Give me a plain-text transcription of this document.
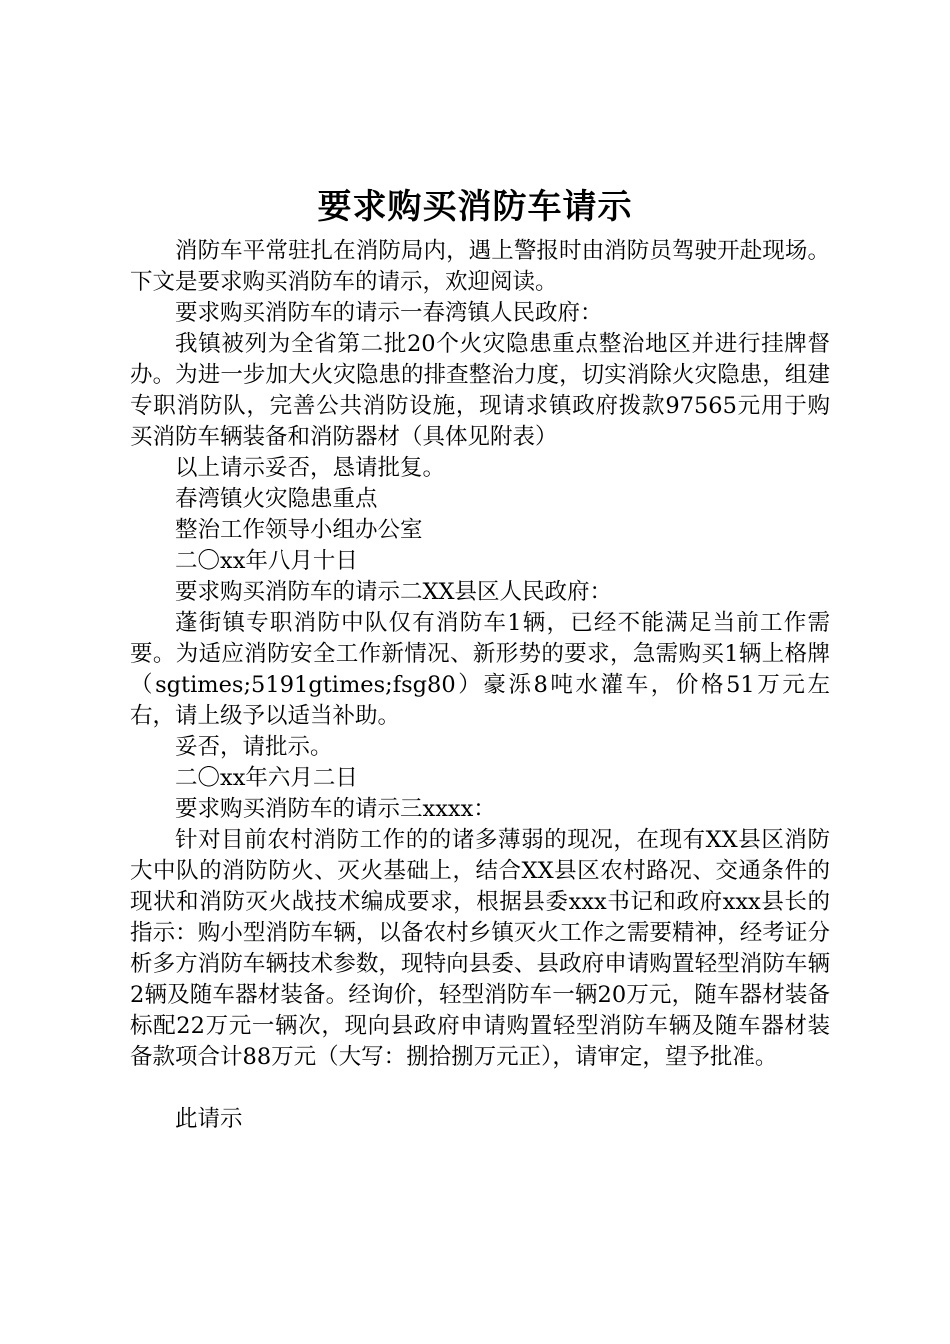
要求购买消防车请示

消防车平常驻扎在消防局内，遇上警报时由消防员驾驶开赴现场。下文是要求购买消防车的请示，欢迎阅读。

要求购买消防车的请示一春湾镇人民政府：

我镇被列为全省第二批20个火灾隐患重点整治地区并进行挂牌督办。为进一步加大火灾隐患的排查整治力度，切实消除火灾隐患，组建专职消防队，完善公共消防设施，现请求镇政府拨款97565元用于购买消防车辆装备和消防器材（具体见附表）

以上请示妥否，恳请批复。

春湾镇火灾隐患重点

整治工作领导小组办公室

二〇xx年八月十日

要求购买消防车的请示二XX县区人民政府：

蓬街镇专职消防中队仅有消防车1辆，已经不能满足当前工作需要。为适应消防安全工作新情况、新形势的要求，急需购买1辆上格牌（sgtimes;5191gtimes;fsg80）豪泺8吨水灌车，价格51万元左右，请上级予以适当补助。

妥否，请批示。

二〇xx年六月二日

要求购买消防车的请示三xxxx：

针对目前农村消防工作的的诸多薄弱的现况，在现有XX县区消防大中队的消防防火、灭火基础上，结合XX县区农村路况、交通条件的现状和消防灭火战技术编成要求，根据县委xxx书记和政府xxx县长的指示：购小型消防车辆，以备农村乡镇灭火工作之需要精神，经考证分析多方消防车辆技术参数，现特向县委、县政府申请购置轻型消防车辆2辆及随车器材装备。经询价，轻型消防车一辆20万元，随车器材装备标配22万元一辆次，现向县政府申请购置轻型消防车辆及随车器材装备款项合计88万元（大写：捌拾捌万元正），请审定，望予批准。

此请示
